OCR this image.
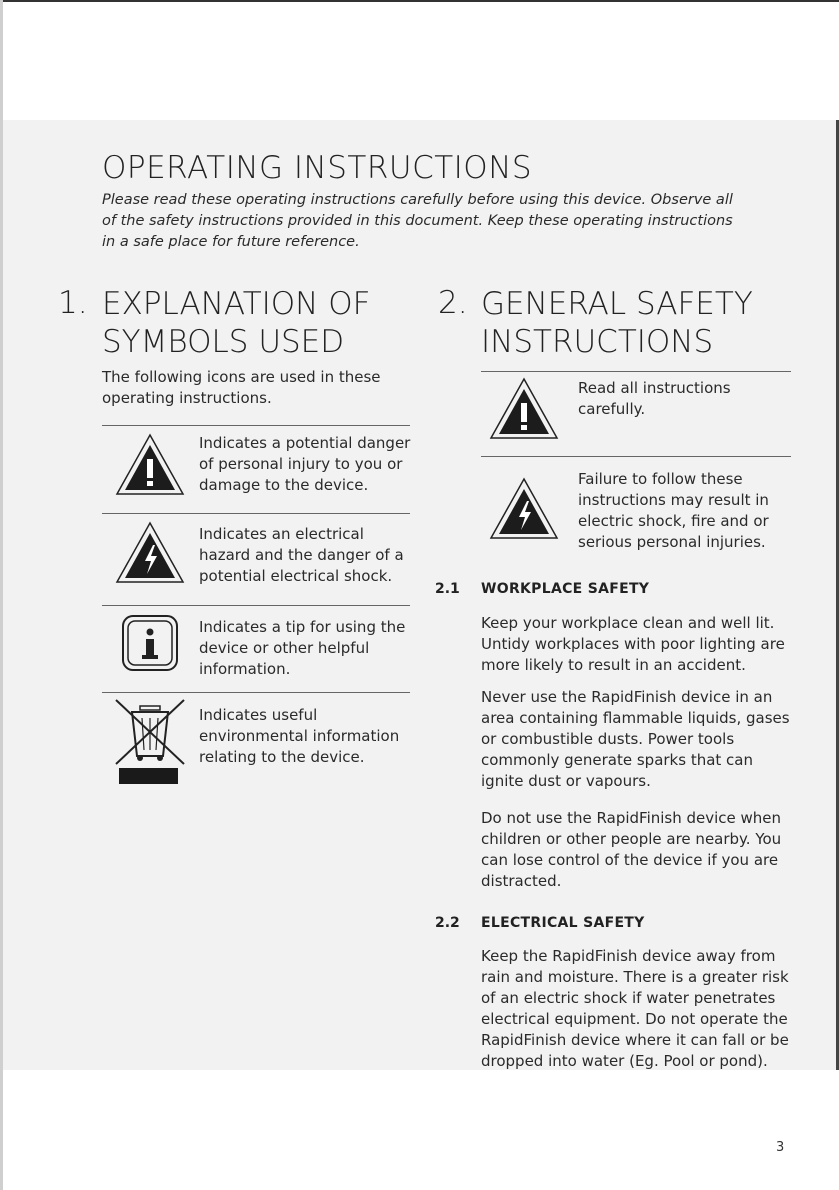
OPERATING INSTRUCTIONS
Please read these operating instructions carefully before using this device. Observe all of the safety instructions provided in this document. Keep these operating instructions in a safe place for future reference.
1. EXPLANATION OF
SYMBOLS USED
The following icons are used in these operating instructions.
Indicates a potential danger of personal injury to you or damage to the device.
Indicates an electrical hazard and the danger of a potential electrical shock.
Indicates a tip for using the device or other helpful information.
Indicates useful environmental information relating to the device.
2. GENERAL SAFETY
INSTRUCTIONS
Read all instructions carefully.
Failure to follow these instructions may result in electric shock, fire and or serious personal injuries.
2.1 WORKPLACE SAFETY
Keep your workplace clean and well lit. Untidy workplaces with poor lighting are more likely to result in an accident.
Never use the RapidFinish device in an area containing flammable liquids, gases or combustible dusts. Power tools commonly generate sparks that can ignite dust or vapours.
Do not use the RapidFinish device when children or other people are nearby. You can lose control of the device if you are distracted.
2.2 ELECTRICAL SAFETY
Keep the RapidFinish device away from rain and moisture. There is a greater risk of an electric shock if water penetrates electrical equipment. Do not operate the RapidFinish device where it can fall or be dropped into water (Eg. Pool or pond).
3
